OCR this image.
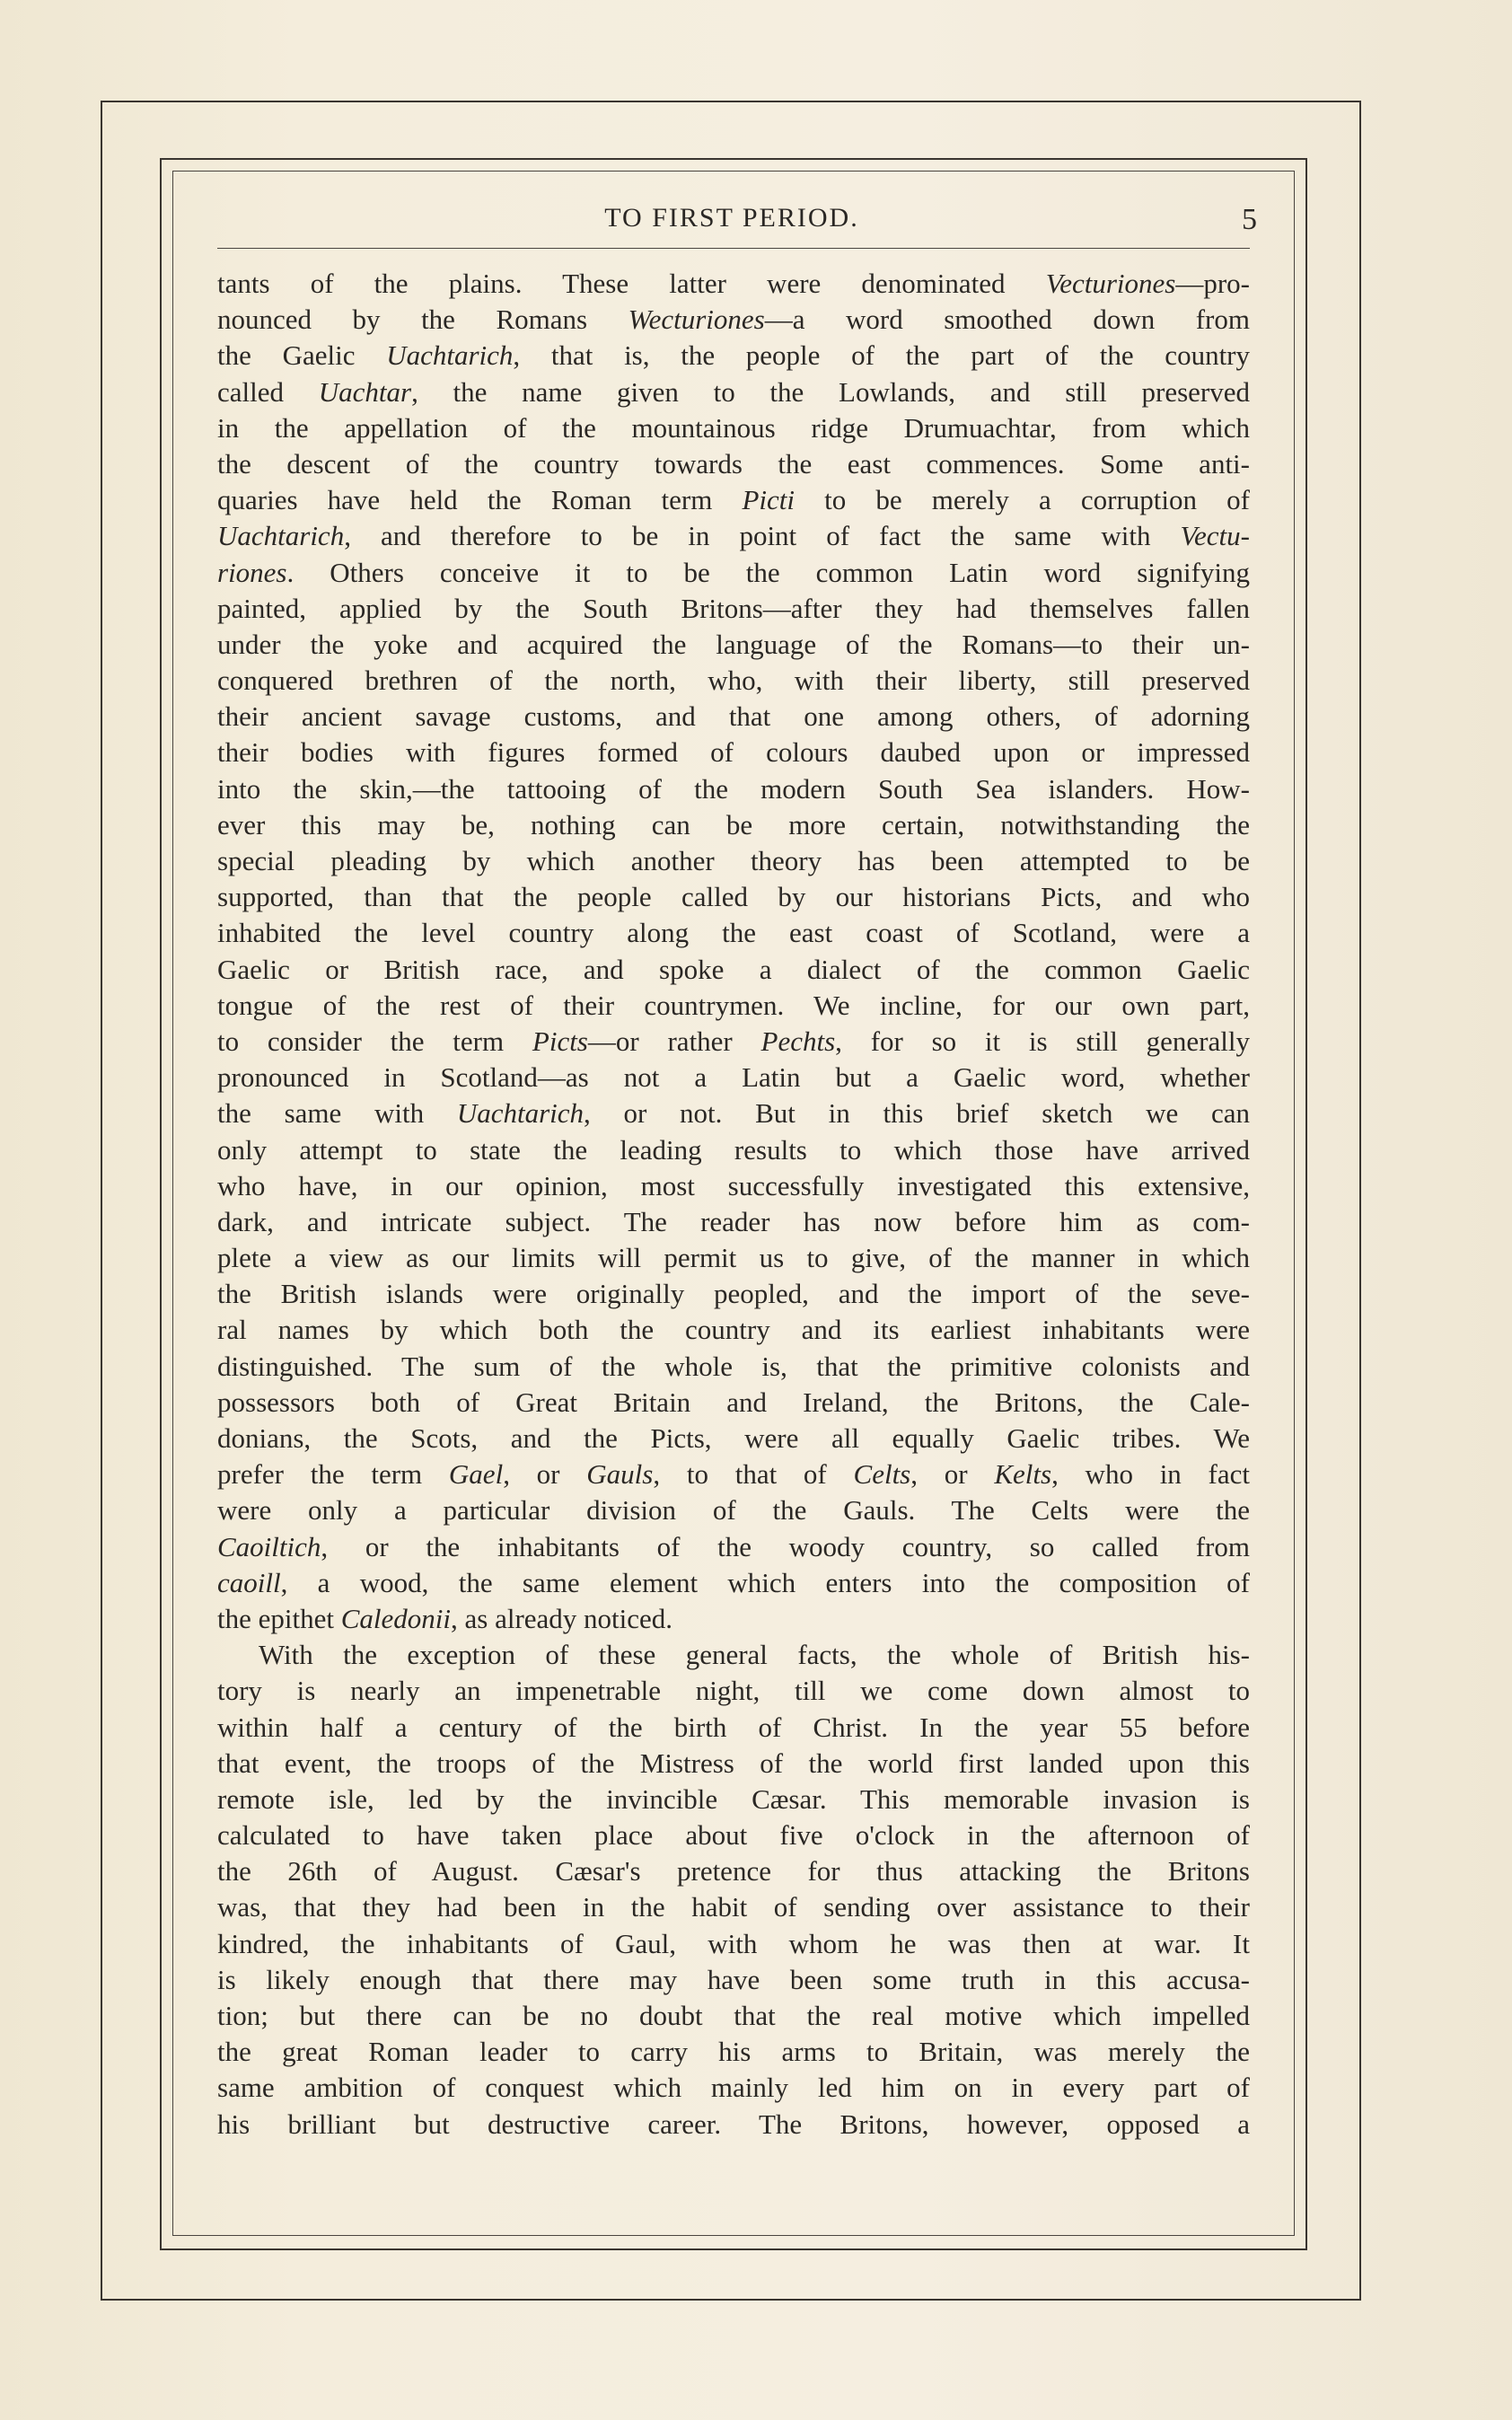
TO FIRST PERIOD.	5
tants of the plains. These latter were denominated Vecturiones—pro-
nounced by the Romans Wecturiones—a word smoothed down from
the Gaelic Uachtarich, that is, the people of the part of the country
called Uachtar, the name given to the Lowlands, and still preserved
in the appellation of the mountainous ridge Drumuachtar, from which
the descent of the country towards the east commences. Some anti-
quaries have held the Roman term Picti to be merely a corruption of
Uachtarich, and therefore to be in point of fact the same with Vectu-
riones. Others conceive it to be the common Latin word signifying
painted, applied by the South Britons—after they had themselves fallen
under the yoke and acquired the language of the Romans—to their un-
conquered brethren of the north, who, with their liberty, still preserved
their ancient savage customs, and that one among others, of adorning
their bodies with figures formed of colours daubed upon or impressed
into the skin,—the tattooing of the modern South Sea islanders. How-
ever this may be, nothing can be more certain, notwithstanding the
special pleading by which another theory has been attempted to be
supported, than that the people called by our historians Picts, and who
inhabited the level country along the east coast of Scotland, were a
Gaelic or British race, and spoke a dialect of the common Gaelic
tongue of the rest of their countrymen. We incline, for our own part,
to consider the term Picts—or rather Pechts, for so it is still generally
pronounced in Scotland—as not a Latin but a Gaelic word, whether
the same with Uachtarich, or not. But in this brief sketch we can
only attempt to state the leading results to which those have arrived
who have, in our opinion, most successfully investigated this extensive,
dark, and intricate subject. The reader has now before him as com-
plete a view as our limits will permit us to give, of the manner in which
the British islands were originally peopled, and the import of the seve-
ral names by which both the country and its earliest inhabitants were
distinguished. The sum of the whole is, that the primitive colonists and
possessors both of Great Britain and Ireland, the Britons, the Cale-
donians, the Scots, and the Picts, were all equally Gaelic tribes. We
prefer the term Gael, or Gauls, to that of Celts, or Kelts, who in fact
were only a particular division of the Gauls. The Celts were the
Caoiltich, or the inhabitants of the woody country, so called from
caoill, a wood, the same element which enters into the composition of
the epithet Caledonii, as already noticed.
With the exception of these general facts, the whole of British his-
tory is nearly an impenetrable night, till we come down almost to
within half a century of the birth of Christ. In the year 55 before
that event, the troops of the Mistress of the world first landed upon this
remote isle, led by the invincible Cæsar. This memorable invasion is
calculated to have taken place about five o'clock in the afternoon of
the 26th of August. Cæsar's pretence for thus attacking the Britons
was, that they had been in the habit of sending over assistance to their
kindred, the inhabitants of Gaul, with whom he was then at war. It
is likely enough that there may have been some truth in this accusa-
tion; but there can be no doubt that the real motive which impelled
the great Roman leader to carry his arms to Britain, was merely the
same ambition of conquest which mainly led him on in every part of
his brilliant but destructive career. The Britons, however, opposed a
